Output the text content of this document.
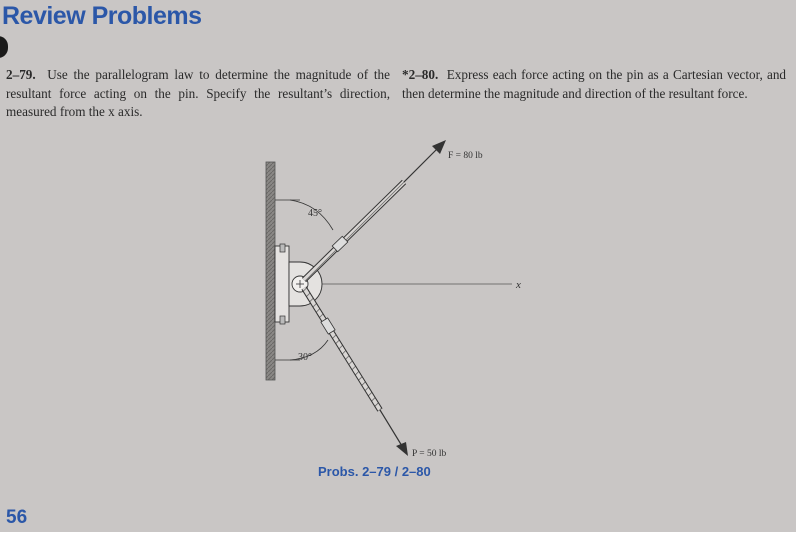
Review Problems

2–79. Use the parallelogram law to determine the magnitude of the resultant force acting on the pin. Specify the resultant’s direction, measured from the x axis.

*2–80. Express each force acting on the pin as a Cartesian vector, and then determine the magnitude and direction of the resultant force.

x
45°
30°
F = 80 lb
P = 50 lb

Probs. 2–79 / 2–80

56
